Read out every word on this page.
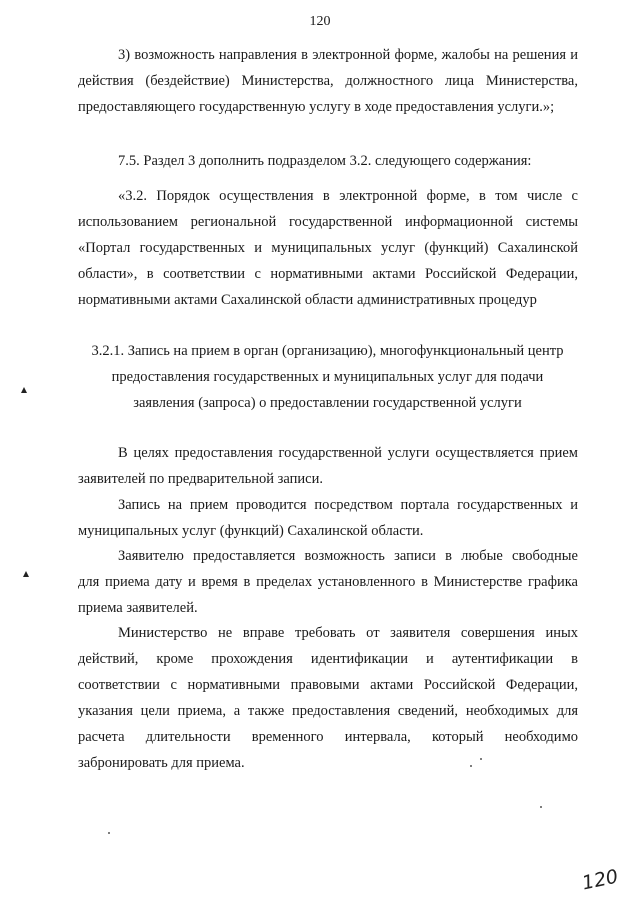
120
3) возможность направления в электронной форме, жалобы на решения и
действия (бездействие) Министерства, должностного лица Министерства,
предоставляющего государственную услугу в ходе предоставления услуги.»;
7.5. Раздел 3 дополнить подразделом 3.2. следующего содержания:
«3.2. Порядок осуществления в электронной форме, в том числе с
использованием региональной государственной информационной системы
«Портал государственных и муниципальных услуг (функций) Сахалинской
области», в соответствии с нормативными актами Российской Федерации,
нормативными актами Сахалинской области административных процедур
3.2.1. Запись на прием в орган (организацию), многофункциональный центр
предоставления государственных и муниципальных услуг для подачи
заявления (запроса) о предоставлении государственной услуги
В целях предоставления государственной услуги осуществляется прием
заявителей по предварительной записи.
Запись на прием проводится посредством портала государственных и
муниципальных услуг (функций) Сахалинской области.
Заявителю предоставляется возможность записи в любые свободные
для приема дату и время в пределах установленного в Министерстве графика
приема заявителей.
Министерство не вправе требовать от заявителя совершения иных
действий, кроме прохождения идентификации и аутентификации в
соответствии с нормативными правовыми актами Российской Федерации,
указания цели приема, а также предоставления сведений, необходимых для
расчета длительности временного интервала, который необходимо
забронировать для приема.
120
